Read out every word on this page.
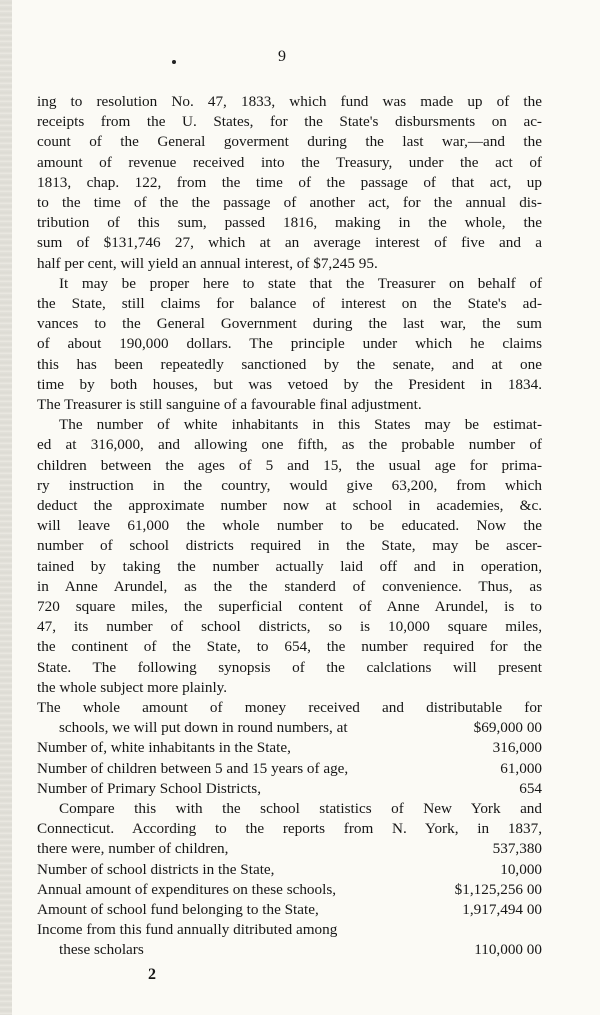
9
ing to resolution No. 47, 1833, which fund was made up of the
receipts from the U. States, for the State's disbursments on ac-
count of the General goverment during the last war,—and the
amount of revenue received into the Treasury, under the act of
1813, chap. 122, from the time of the passage of that act, up
to the time of the the passage of another act, for the annual dis-
tribution of this sum, passed 1816, making in the whole, the
sum of $131,746 27, which at an average interest of five and a
half per cent, will yield an annual interest, of $7,245 95.
It may be proper here to state that the Treasurer on behalf of
the State, still claims for balance of interest on the State's ad-
vances to the General Government during the last war, the sum
of about 190,000 dollars. The principle under which he claims
this has been repeatedly sanctioned by the senate, and at one
time by both houses, but was vetoed by the President in 1834.
The Treasurer is still sanguine of a favourable final adjustment.
The number of white inhabitants in this States may be estimat-
ed at 316,000, and allowing one fifth, as the probable number of
children between the ages of 5 and 15, the usual age for prima-
ry instruction in the country, would give 63,200, from which
deduct the approximate number now at school in academies, &c.
will leave 61,000 the whole number to be educated. Now the
number of school districts required in the State, may be ascer-
tained by taking the number actually laid off and in operation,
in Anne Arundel, as the the standerd of convenience. Thus, as
720 square miles, the superficial content of Anne Arundel, is to
47, its number of school districts, so is 10,000 square miles,
the continent of the State, to 654, the number required for the
State. The following synopsis of the calclations will present
the whole subject more plainly.
The whole amount of money received and distributable for
schools, we will put down in round numbers, at	$69,000 00
Number of, white inhabitants in the State,	316,000
Number of children between 5 and 15 years of age,	61,000
Number of Primary School Districts,	654
Compare this with the school statistics of New York and
Connecticut. According to the reports from N. York, in 1837,
there were, number of children,	537,380
Number of school districts in the State,	10,000
Annual amount of expenditures on these schools,	$1,125,256 00
Amount of school fund belonging to the State,	1,917,494 00
Income from this fund annually ditributed among
these scholars	110,000 00
2
